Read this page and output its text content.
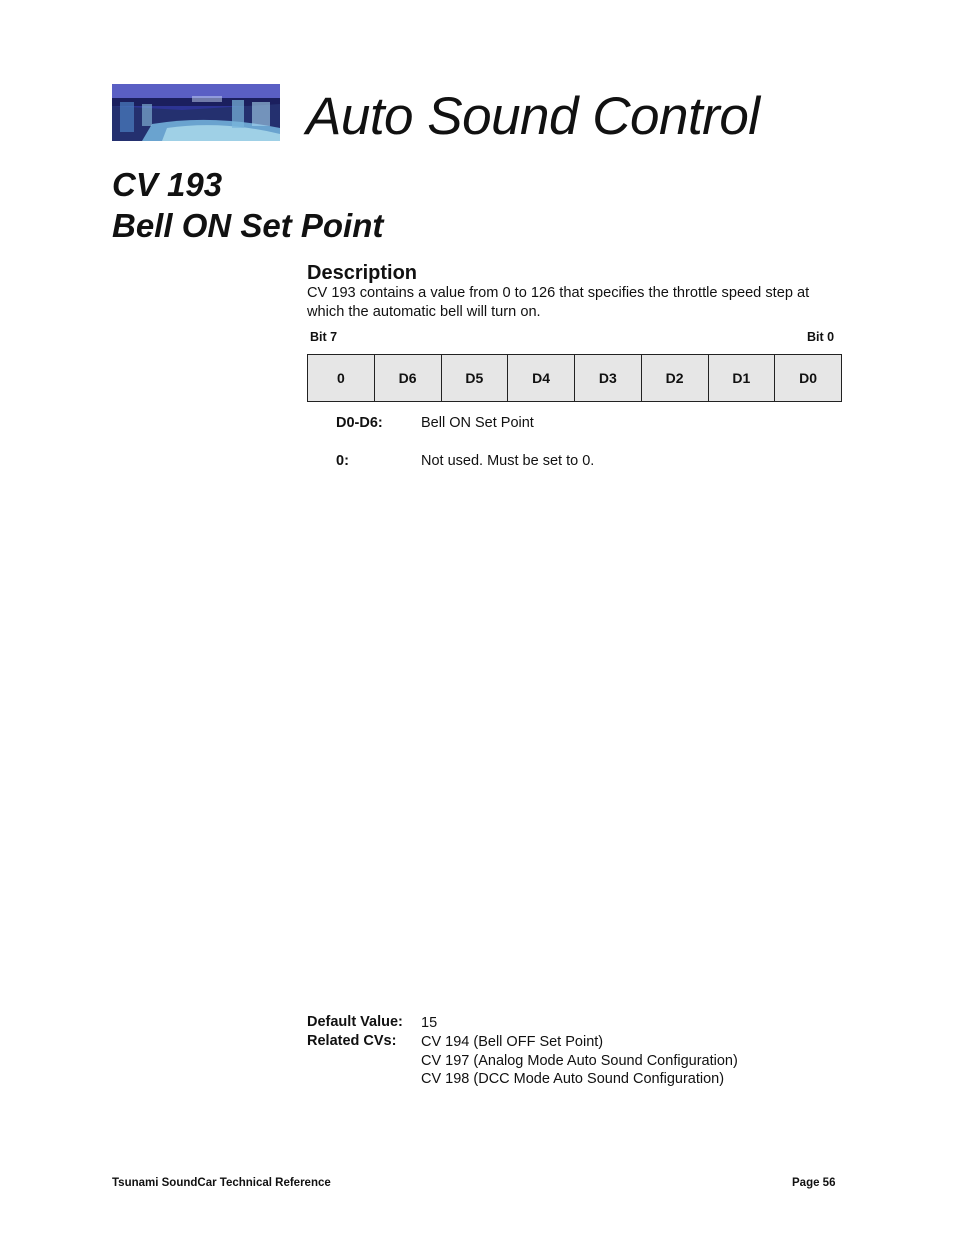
Auto Sound Control
CV 193
Bell ON Set Point
Description
CV 193 contains a value from 0 to 126 that specifies the throttle speed step at which the automatic bell will turn on.
Bit 7	Bit 0
0	D6	D5	D4	D3	D2	D1	D0
D0-D6:	Bell ON Set Point
0:	Not used. Must be set to 0.
Default Value: 15
Related CVs: CV 194 (Bell OFF Set Point)
CV 197 (Analog Mode Auto Sound Configuration)
CV 198 (DCC Mode Auto Sound Configuration)
Tsunami SoundCar Technical Reference	Page 56
